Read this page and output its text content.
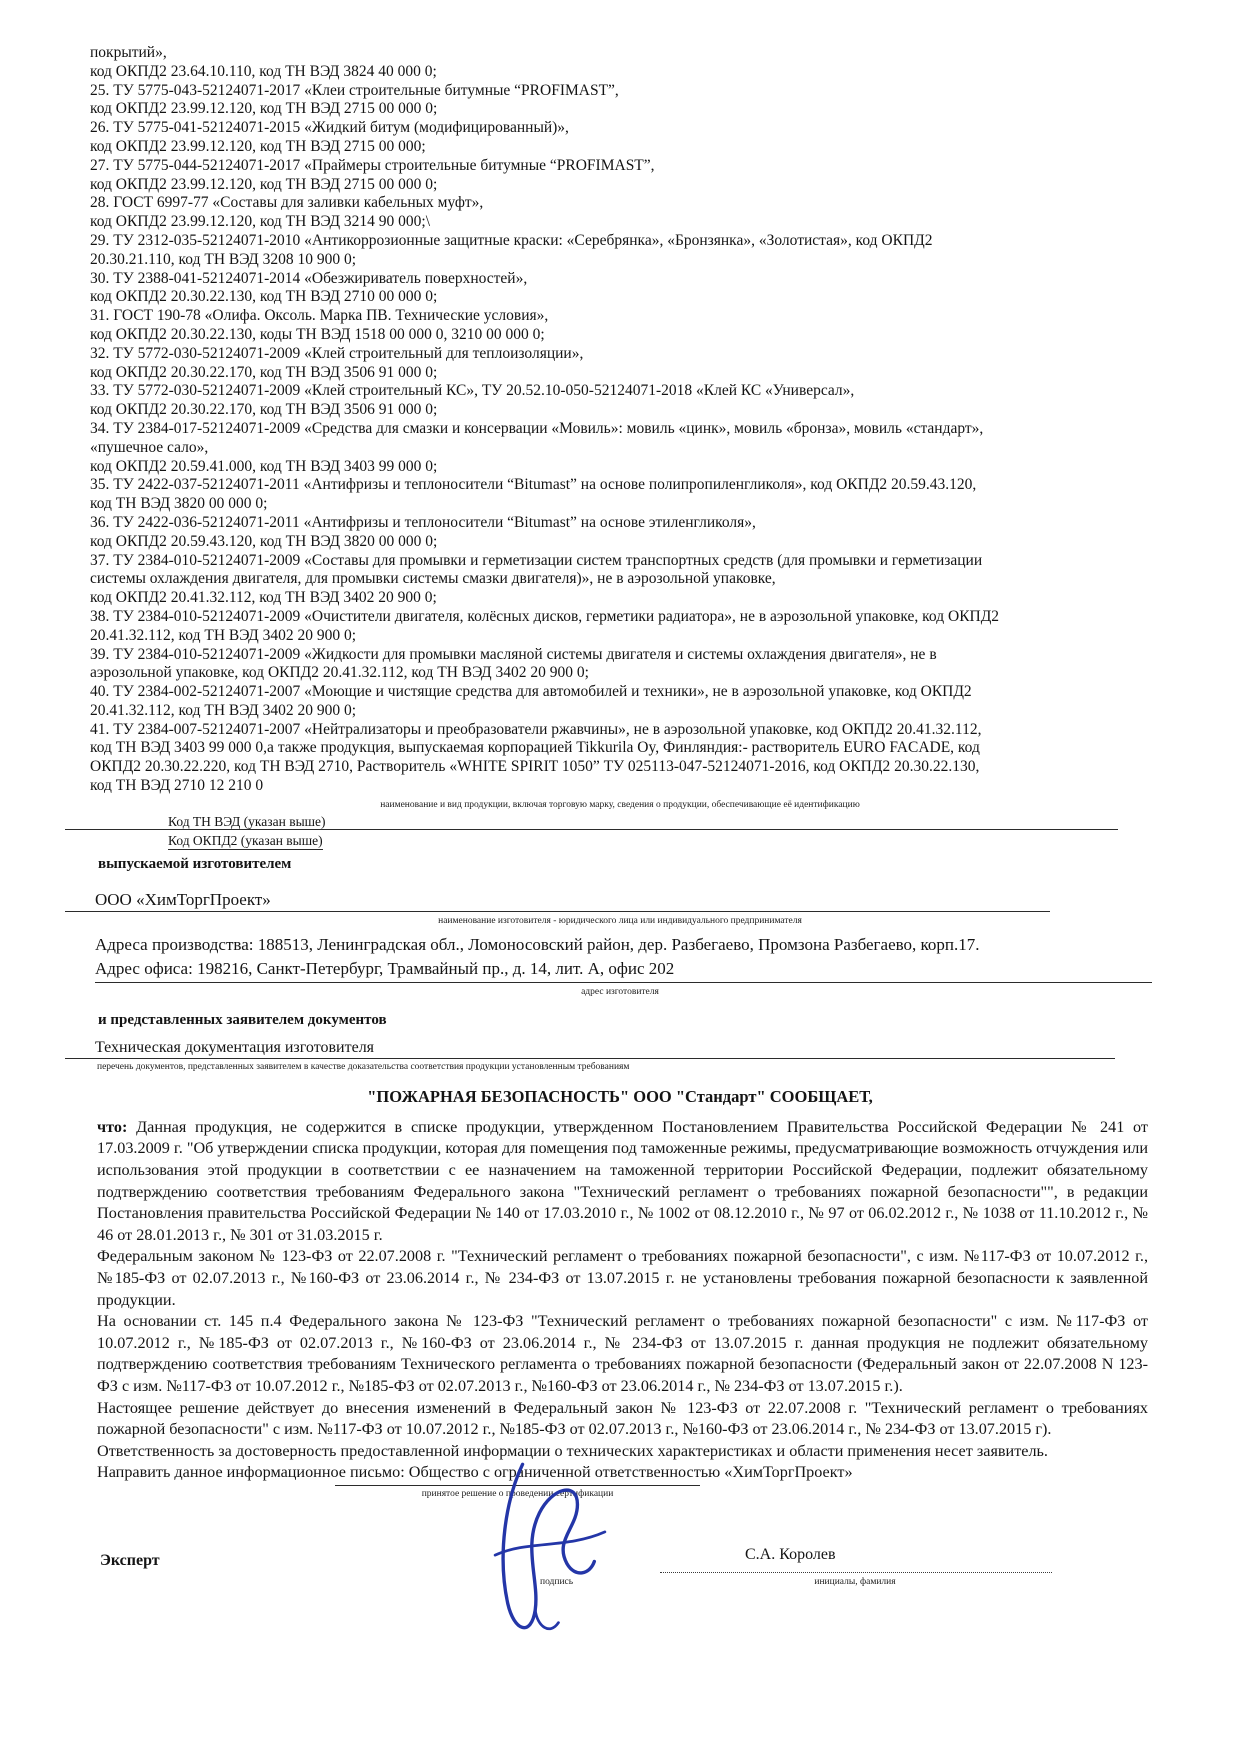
покрытий»,
код ОКПД2 23.64.10.110, код ТН ВЭД 3824 40 000 0;
25. ТУ 5775-043-52124071-2017 «Клеи строительные битумные “PROFIMAST”,
код ОКПД2 23.99.12.120, код ТН ВЭД 2715 00 000 0;
26. ТУ 5775-041-52124071-2015 «Жидкий битум (модифицированный)»,
код ОКПД2 23.99.12.120, код ТН ВЭД 2715 00 000;
27. ТУ 5775-044-52124071-2017 «Праймеры строительные битумные “PROFIMAST”,
код ОКПД2 23.99.12.120, код ТН ВЭД 2715 00 000 0;
28. ГОСТ 6997-77 «Составы для заливки кабельных муфт»,
код ОКПД2 23.99.12.120, код ТН ВЭД 3214 90 000;\
29. ТУ 2312-035-52124071-2010 «Антикоррозионные защитные краски: «Серебрянка», «Бронзянка», «Золотистая», код ОКПД2
20.30.21.110, код ТН ВЭД 3208 10 900 0;
30. ТУ 2388-041-52124071-2014 «Обезжириватель поверхностей»,
код ОКПД2 20.30.22.130, код ТН ВЭД 2710 00 000 0;
31. ГОСТ 190-78 «Олифа. Оксоль. Марка ПВ. Технические условия»,
код ОКПД2 20.30.22.130, коды ТН ВЭД 1518 00 000 0, 3210 00 000 0;
32. ТУ 5772-030-52124071-2009 «Клей строительный для теплоизоляции»,
код ОКПД2 20.30.22.170, код ТН ВЭД 3506 91 000 0;
33. ТУ 5772-030-52124071-2009 «Клей строительный КС», ТУ 20.52.10-050-52124071-2018 «Клей КС «Универсал»,
код ОКПД2 20.30.22.170, код ТН ВЭД 3506 91 000 0;
34. ТУ 2384-017-52124071-2009 «Средства для смазки и консервации «Мовиль»: мовиль «цинк», мовиль «бронза», мовиль «стандарт»,
«пушечное сало»,
код ОКПД2 20.59.41.000, код ТН ВЭД 3403 99 000 0;
35. ТУ 2422-037-52124071-2011 «Антифризы и теплоносители “Bitumast” на основе полипропиленгликоля», код ОКПД2 20.59.43.120,
код ТН ВЭД 3820 00 000 0;
36. ТУ 2422-036-52124071-2011 «Антифризы и теплоносители “Bitumast” на основе этиленгликоля»,
код ОКПД2 20.59.43.120, код ТН ВЭД 3820 00 000 0;
37. ТУ 2384-010-52124071-2009 «Составы для промывки и герметизации систем транспортных средств (для промывки и герметизации
системы охлаждения двигателя, для промывки системы смазки двигателя)», не в аэрозольной упаковке,
код ОКПД2 20.41.32.112, код ТН ВЭД 3402 20 900 0;
38. ТУ 2384-010-52124071-2009 «Очистители двигателя, колёсных дисков, герметики радиатора», не в аэрозольной упаковке, код ОКПД2
20.41.32.112, код ТН ВЭД 3402 20 900 0;
39. ТУ 2384-010-52124071-2009 «Жидкости для промывки масляной системы двигателя и системы охлаждения двигателя», не в
аэрозольной упаковке, код ОКПД2 20.41.32.112, код ТН ВЭД 3402 20 900 0;
40. ТУ 2384-002-52124071-2007 «Моющие и чистящие средства для автомобилей и техники», не в аэрозольной упаковке, код ОКПД2
20.41.32.112, код ТН ВЭД 3402 20 900 0;
41. ТУ 2384-007-52124071-2007 «Нейтрализаторы и преобразователи ржавчины», не в аэрозольной упаковке, код ОКПД2 20.41.32.112,
код ТН ВЭД 3403 99 000 0,а также продукция, выпускаемая корпорацией Tikkurila Oy, Финляндия:- растворитель EURO FACADE, код
ОКПД2 20.30.22.220, код ТН ВЭД 2710, Растворитель «WHITE SPIRIT 1050” ТУ 025113-047-52124071-2016, код ОКПД2 20.30.22.130,
код ТН ВЭД 2710 12 210 0
наименование и вид продукции, включая торговую марку, сведения о продукции, обеспечивающие её идентификацию
Код ТН ВЭД (указан выше)
Код ОКПД2 (указан выше)
выпускаемой изготовителем
ООО «ХимТоргПроект»
наименование изготовителя - юридического лица или индивидуального предпринимателя
Адреса производства: 188513, Ленинградская обл., Ломоносовский район, дер. Разбегаево, Промзона Разбегаево, корп.17.
Адрес офиса: 198216, Санкт-Петербург, Трамвайный пр., д. 14, лит. А, офис 202
адрес изготовителя
и представленных заявителем документов
Техническая документация изготовителя
перечень документов, представленных заявителем в качестве доказательства соответствия продукции установленным требованиям
"ПОЖАРНАЯ БЕЗОПАСНОСТЬ" ООО "Стандарт" СООБЩАЕТ,
что: Данная продукция, не содержится в списке продукции, утвержденном Постановлением Правительства Российской Федерации № 241 от 17.03.2009 г. "Об утверждении списка продукции, которая для помещения под таможенные режимы, предусматривающие возможность отчуждения или использования этой продукции в соответствии с ее назначением на таможенной территории Российской Федерации, подлежит обязательному подтверждению соответствия требованиям Федерального закона "Технический регламент о требованиях пожарной безопасности"", в редакции Постановления правительства Российской Федерации № 140 от 17.03.2010 г., № 1002 от 08.12.2010 г., № 97 от 06.02.2012 г., № 1038 от 11.10.2012 г., № 46 от 28.01.2013 г., № 301 от 31.03.2015 г.
Федеральным законом № 123-ФЗ от 22.07.2008 г. "Технический регламент о требованиях пожарной безопасности", с изм. №117-ФЗ от 10.07.2012 г., №185-ФЗ от 02.07.2013 г., №160-ФЗ от 23.06.2014 г., № 234-ФЗ от 13.07.2015 г. не установлены требования пожарной безопасности к заявленной продукции.
На основании ст. 145 п.4 Федерального закона № 123-ФЗ "Технический регламент о требованиях пожарной безопасности" с изм. №117-ФЗ от 10.07.2012 г., №185-ФЗ от 02.07.2013 г., №160-ФЗ от 23.06.2014 г., № 234-ФЗ от 13.07.2015 г. данная продукция не подлежит обязательному подтверждению соответствия требованиям Технического регламента о требованиях пожарной безопасности (Федеральный закон от 22.07.2008 N 123-ФЗ с изм. №117-ФЗ от 10.07.2012 г., №185-ФЗ от 02.07.2013 г., №160-ФЗ от 23.06.2014 г., № 234-ФЗ от 13.07.2015 г.).
Настоящее решение действует до внесения изменений в Федеральный закон № 123-ФЗ от 22.07.2008 г. "Технический регламент о требованиях пожарной безопасности" с изм. №117-ФЗ от 10.07.2012 г., №185-ФЗ от 02.07.2013 г., №160-ФЗ от 23.06.2014 г., № 234-ФЗ от 13.07.2015 г).
Ответственность за достоверность предоставленной информации о технических характеристиках и области применения несет заявитель.
Направить данное информационное письмо: Общество с ограниченной ответственностью «ХимТоргПроект»
принятое решение о проведении сертификации
Эксперт
подпись
С.А. Королев
инициалы, фамилия
